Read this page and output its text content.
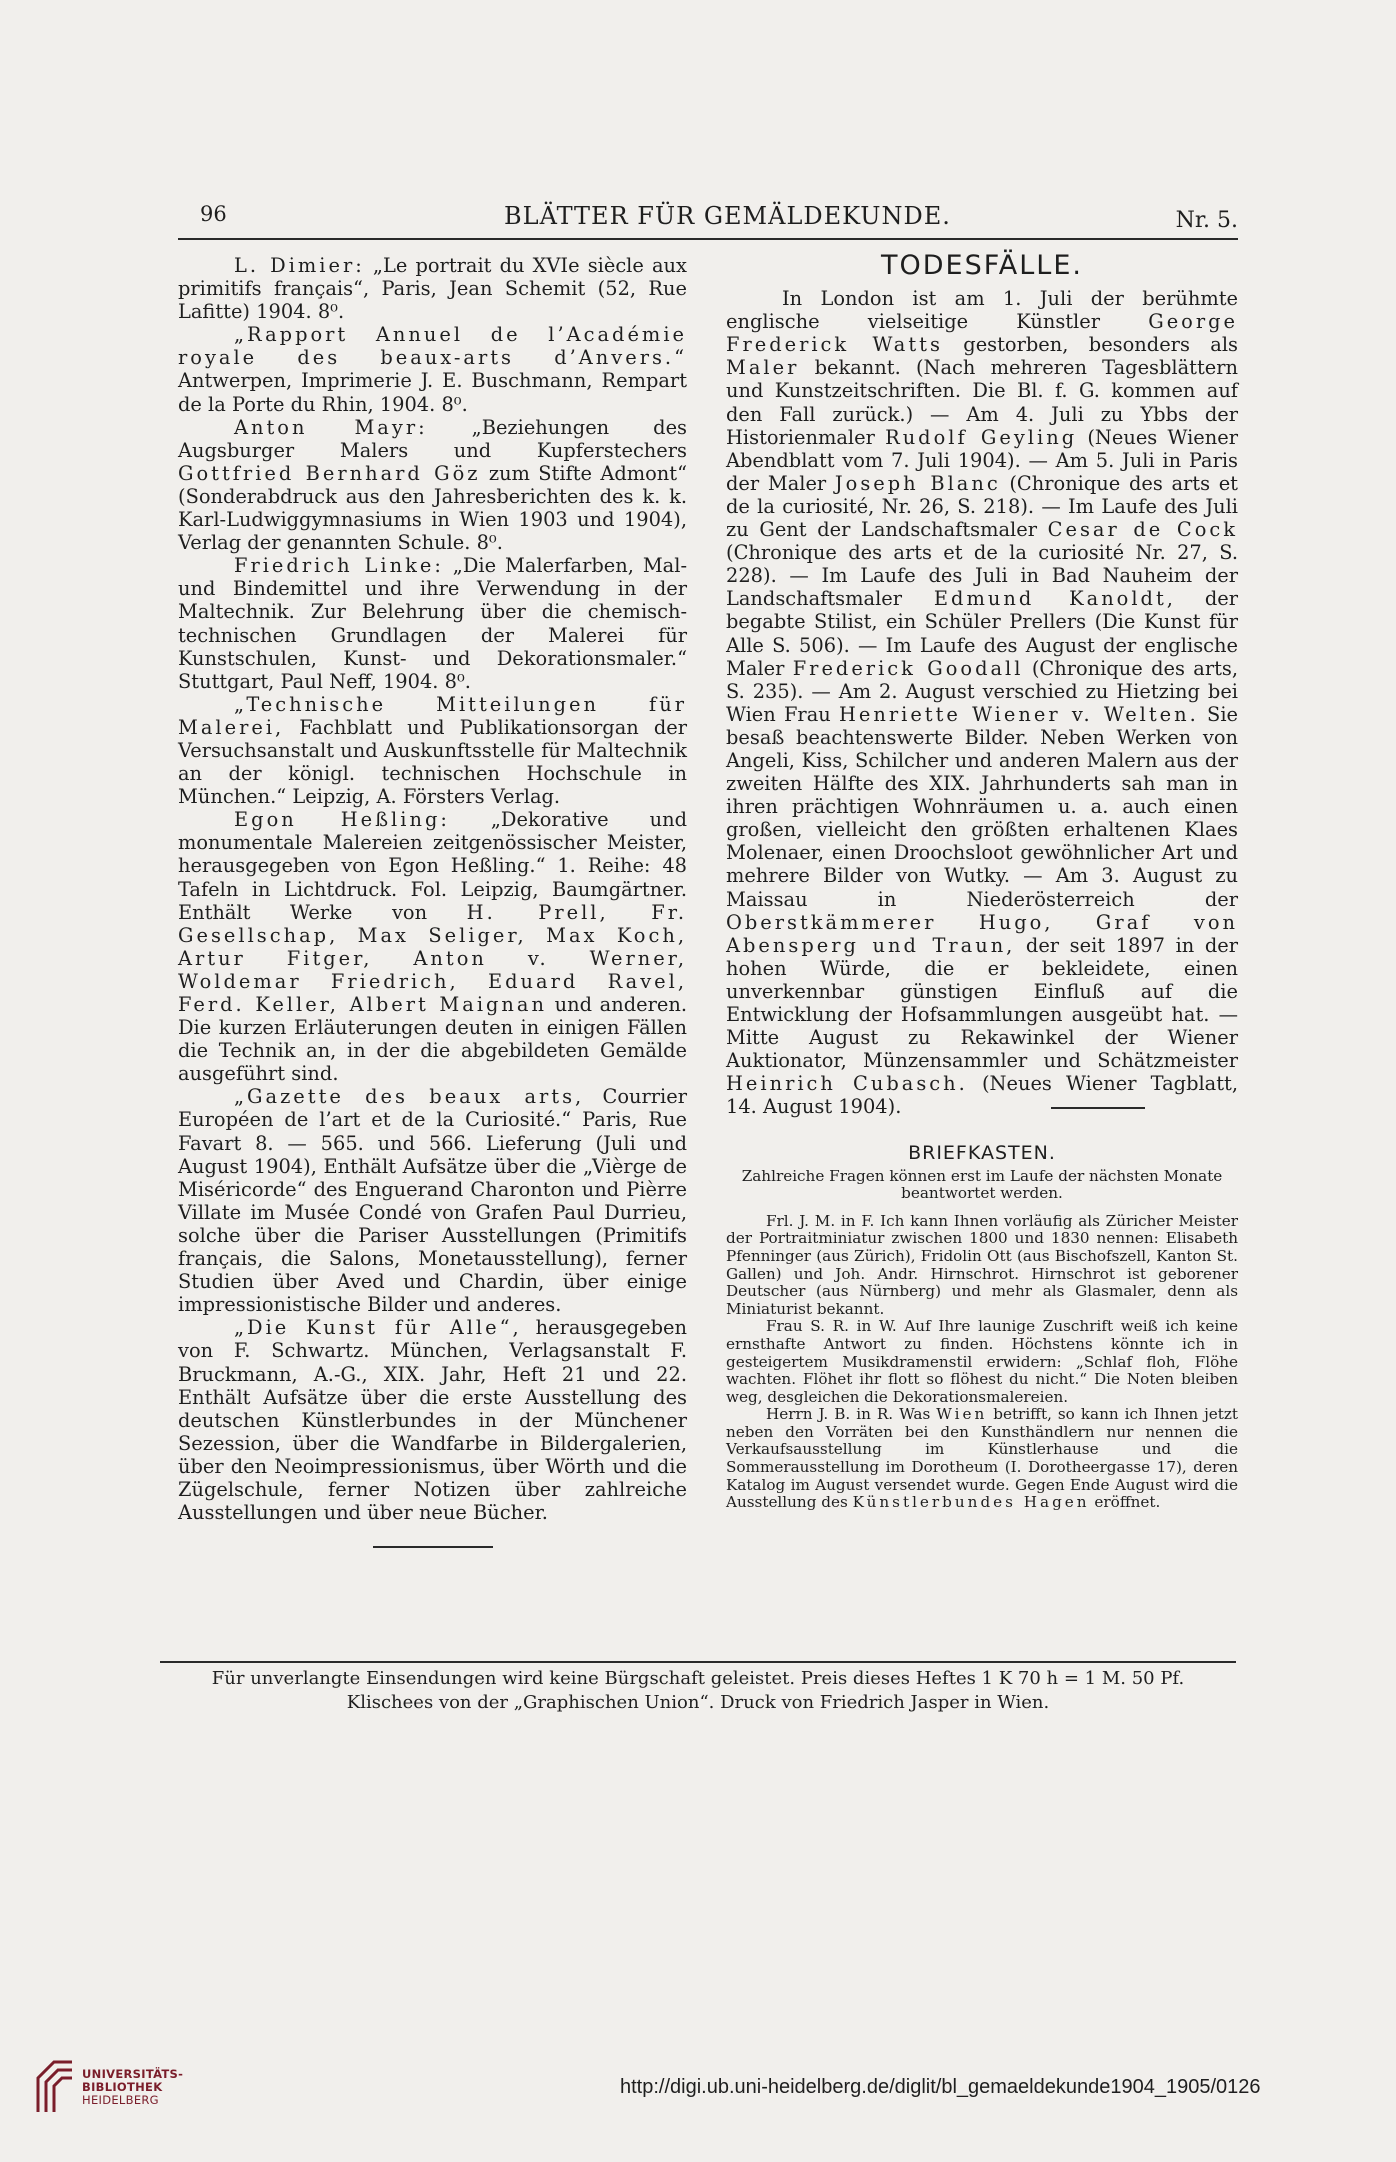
96	BLÄTTER FÜR GEMÄLDEKUNDE.	Nr. 5.

L. Dimier: „Le portrait du XVIe siècle aux primitifs français“, Paris, Jean Schemit (52, Rue Lafitte) 1904. 8⁰.

„Rapport Annuel de l’Académie royale des beaux-arts d’Anvers.“ Antwerpen, Imprimerie J. E. Buschmann, Rempart de la Porte du Rhin, 1904. 8⁰.

Anton Mayr: „Beziehungen des Augsburger Malers und Kupferstechers Gottfried Bernhard Göz zum Stifte Admont“ (Sonderabdruck aus den Jahresberichten des k. k. Karl-Ludwiggymnasiums in Wien 1903 und 1904), Verlag der genannten Schule. 8⁰.

Friedrich Linke: „Die Malerfarben, Mal- und Bindemittel und ihre Verwendung in der Maltechnik. Zur Belehrung über die chemisch-technischen Grundlagen der Malerei für Kunstschulen, Kunst- und Dekorationsmaler.“ Stuttgart, Paul Neff, 1904. 8⁰.

„Technische Mitteilungen für Malerei, Fachblatt und Publikationsorgan der Versuchsanstalt und Auskunftsstelle für Maltechnik an der königl. technischen Hochschule in München.“ Leipzig, A. Försters Verlag.

Egon Heßling: „Dekorative und monumentale Malereien zeitgenössischer Meister, herausgegeben von Egon Heßling.“ 1. Reihe: 48 Tafeln in Lichtdruck. Fol. Leipzig, Baumgärtner. Enthält Werke von H. Prell, Fr. Gesellschap, Max Seliger, Max Koch, Artur Fitger, Anton v. Werner, Woldemar Friedrich, Eduard Ravel, Ferd. Keller, Albert Maignan und anderen. Die kurzen Erläuterungen deuten in einigen Fällen die Technik an, in der die abgebildeten Gemälde ausgeführt sind.

„Gazette des beaux arts, Courrier Européen de l’art et de la Curiosité.“ Paris, Rue Favart 8. — 565. und 566. Lieferung (Juli und August 1904), Enthält Aufsätze über die „Vièrge de Miséricorde“ des Enguerand Charonton und Pièrre Villate im Musée Condé von Grafen Paul Durrieu, solche über die Pariser Ausstellungen (Primitifs français, die Salons, Monetausstellung), ferner Studien über Aved und Chardin, über einige impressionistische Bilder und anderes.

„Die Kunst für Alle“, herausgegeben von F. Schwartz. München, Verlagsanstalt F. Bruckmann, A.-G., XIX. Jahr, Heft 21 und 22. Enthält Aufsätze über die erste Ausstellung des deutschen Künstlerbundes in der Münchener Sezession, über die Wandfarbe in Bildergalerien, über den Neoimpressionismus, über Wörth und die Zügelschule, ferner Notizen über zahlreiche Ausstellungen und über neue Bücher.

TODESFÄLLE.

In London ist am 1. Juli der berühmte englische vielseitige Künstler George Frederick Watts gestorben, besonders als Maler bekannt. (Nach mehreren Tagesblättern und Kunstzeitschriften. Die Bl. f. G. kommen auf den Fall zurück.) — Am 4. Juli zu Ybbs der Historienmaler Rudolf Geyling (Neues Wiener Abendblatt vom 7. Juli 1904). — Am 5. Juli in Paris der Maler Joseph Blanc (Chronique des arts et de la curiosité, Nr. 26, S. 218). — Im Laufe des Juli zu Gent der Landschaftsmaler Cesar de Cock (Chronique des arts et de la curiosité Nr. 27, S. 228). — Im Laufe des Juli in Bad Nauheim der Landschaftsmaler Edmund Kanoldt, der begabte Stilist, ein Schüler Prellers (Die Kunst für Alle S. 506). — Im Laufe des August der englische Maler Frederick Goodall (Chronique des arts, S. 235). — Am 2. August verschied zu Hietzing bei Wien Frau Henriette Wiener v. Welten. Sie besaß beachtenswerte Bilder. Neben Werken von Angeli, Kiss, Schilcher und anderen Malern aus der zweiten Hälfte des XIX. Jahrhunderts sah man in ihren prächtigen Wohnräumen u. a. auch einen großen, vielleicht den größten erhaltenen Klaes Molenaer, einen Droochsloot gewöhnlicher Art und mehrere Bilder von Wutky. — Am 3. August zu Maissau in Niederösterreich der Oberstkämmerer Hugo, Graf von Abensperg und Traun, der seit 1897 in der hohen Würde, die er bekleidete, einen unverkennbar günstigen Einfluß auf die Entwicklung der Hofsammlungen ausgeübt hat. — Mitte August zu Rekawinkel der Wiener Auktionator, Münzensammler und Schätzmeister Heinrich Cubasch. (Neues Wiener Tagblatt, 14. August 1904).

BRIEFKASTEN.

Zahlreiche Fragen können erst im Laufe der nächsten Monate beantwortet werden.

Frl. J. M. in F. Ich kann Ihnen vorläufig als Züricher Meister der Portraitminiatur zwischen 1800 und 1830 nennen: Elisabeth Pfenninger (aus Zürich), Fridolin Ott (aus Bischofszell, Kanton St. Gallen) und Joh. Andr. Hirnschrot. Hirnschrot ist geborener Deutscher (aus Nürnberg) und mehr als Glasmaler, denn als Miniaturist bekannt.

Frau S. R. in W. Auf Ihre launige Zuschrift weiß ich keine ernsthafte Antwort zu finden. Höchstens könnte ich in gesteigertem Musikdramenstil erwidern: „Schlaf floh, Flöhe wachten. Flöhet ihr flott so flöhest du nicht.“ Die Noten bleiben weg, desgleichen die Dekorationsmalereien.

Herrn J. B. in R. Was Wien betrifft, so kann ich Ihnen jetzt neben den Vorräten bei den Kunsthändlern nur nennen die Verkaufsausstellung im Künstlerhause und die Sommerausstellung im Dorotheum (I. Dorotheergasse 17), deren Katalog im August versendet wurde. Gegen Ende August wird die Ausstellung des Künstlerbundes Hagen eröffnet.

Für unverlangte Einsendungen wird keine Bürgschaft geleistet. Preis dieses Heftes 1 K 70 h = 1 M. 50 Pf.
Klischees von der „Graphischen Union“. Druck von Friedrich Jasper in Wien.
UNIVERSITÄTS-
BIBLIOTHEK
HEIDELBERG
http://digi.ub.uni-heidelberg.de/diglit/bl_gemaeldekunde1904_1905/0126
